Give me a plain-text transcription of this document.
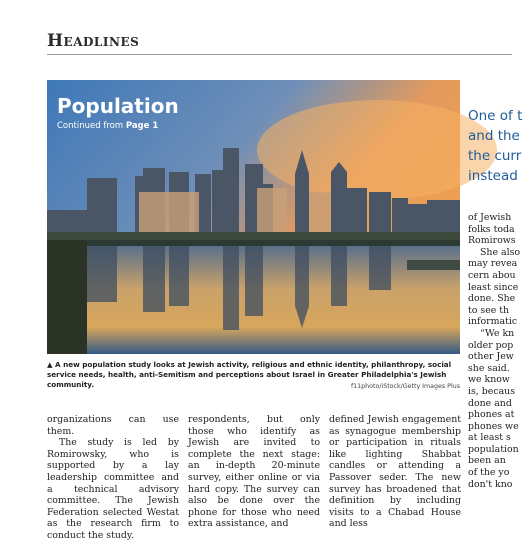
Headlines
Population
Continued from Page 1
▲ A new population study looks at Jewish activity, religious and ethnic identity, philanthropy, social service needs, health, anti-Semitism and perceptions about Israel in Greater Philadelphia's Jewish community.	f11photo/iStock/Getty Images Plus

organizations can use them.

The study is led by Romirowsky, who is supported by a lay leadership committee and a technical advisory committee. The Jewish Federation selected Westat as the research firm to conduct the study.

respondents, but only those who identify as Jewish are invited to complete the next stage: an in-depth 20-minute survey, either online or via hard copy. The survey can also be done over the phone for those who need extra assistance, and

defined Jewish engagement as synagogue membership or participation in rituals like lighting Shabbat candles or attending a Passover seder. The new survey has broadened that definition by including visits to a Chabad House and less

One of t
and the
the curr
instead
of Jewish
folks toda
Romirows
She also
may revea
cern abou
least since
done. She
to see th
informatic
“We kn
older pop
other Jew
she said.
we know
is, becaus
done and
phones at
phones we
at least s
population
been an
of the yo
don't kno
